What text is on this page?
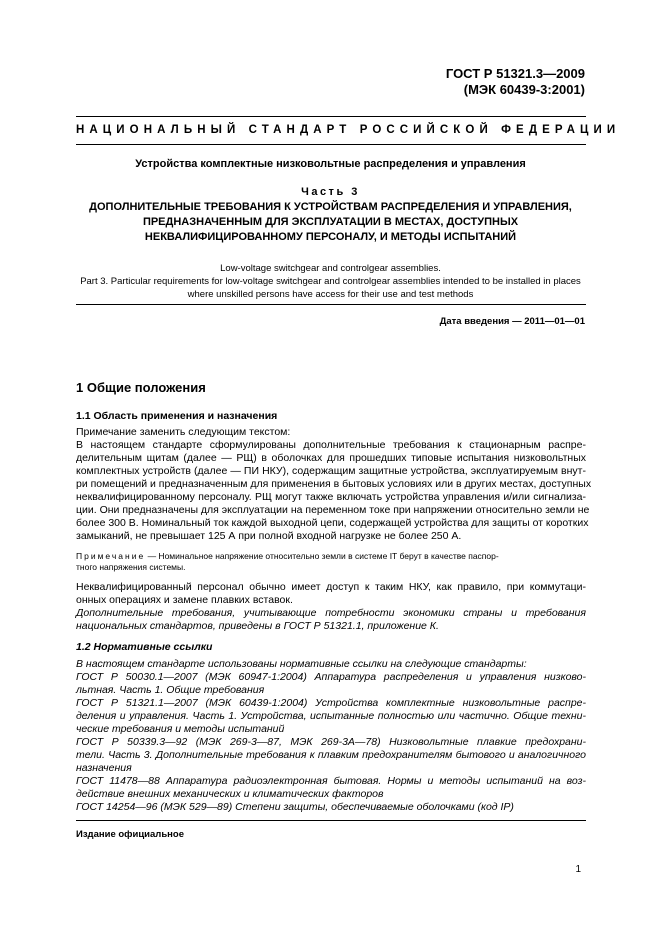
ГОСТ Р 51321.3—2009
(МЭК 60439-3:2001)
НАЦИОНАЛЬНЫЙ СТАНДАРТ РОССИЙСКОЙ ФЕДЕРАЦИИ
Устройства комплектные низковольтные распределения и управления
Часть 3
ДОПОЛНИТЕЛЬНЫЕ ТРЕБОВАНИЯ К УСТРОЙСТВАМ РАСПРЕДЕЛЕНИЯ И УПРАВЛЕНИЯ,
ПРЕДНАЗНАЧЕННЫМ ДЛЯ ЭКСПЛУАТАЦИИ В МЕСТАХ, ДОСТУПНЫХ
НЕКВАЛИФИЦИРОВАННОМУ ПЕРСОНАЛУ, И МЕТОДЫ ИСПЫТАНИЙ
Low-voltage switchgear and controlgear assemblies.
Part 3. Particular requirements for low-voltage switchgear and controlgear assemblies intended to be installed in places
where unskilled persons have access for their use and test methods
Дата введения — 2011—01—01
1 Общие положения
1.1 Область применения и назначения
Примечание заменить следующим текстом:
В настоящем стандарте сформулированы дополнительные требования к стационарным распре-
делительным щитам (далее — РЩ) в оболочках для прошедших типовые испытания низковольтных
комплектных устройств (далее — ПИ НКУ), содержащим защитные устройства, эксплуатируемым внут-
ри помещений и предназначенным для применения в бытовых условиях или в других местах, доступных
неквалифицированному персоналу. РЩ могут также включать устройства управления и/или сигнализа-
ции. Они предназначены для эксплуатации на переменном токе при напряжении относительно земли не
более 300 В. Номинальный ток каждой выходной цепи, содержащей устройства для защиты от коротких
замыканий, не превышает 125 А при полной входной нагрузке не более 250 А.
Примечание — Номинальное напряжение относительно земли в системе IT берут в качестве паспор-
тного напряжения системы.
Неквалифицированный персонал обычно имеет доступ к таким НКУ, как правило, при коммутаци-
онных операциях и замене плавких вставок.
Дополнительные требования, учитывающие потребности экономики страны и требования
национальных стандартов, приведены в ГОСТ Р 51321.1, приложение К.
1.2 Нормативные ссылки
В настоящем стандарте использованы нормативные ссылки на следующие стандарты:
ГОСТ Р 50030.1—2007 (МЭК 60947-1:2004) Аппаратура распределения и управления низково-
льтная. Часть 1. Общие требования
ГОСТ Р 51321.1—2007 (МЭК 60439-1:2004) Устройства комплектные низковольтные распре-
деления и управления. Часть 1. Устройства, испытанные полностью или частично. Общие техни-
ческие требования и методы испытаний
ГОСТ Р 50339.3—92 (МЭК 269-3—87, МЭК 269-3А—78) Низковольтные плавкие предохрани-
тели. Часть 3. Дополнительные требования к плавким предохранителям бытового и аналогичного
назначения
ГОСТ 11478—88 Аппаратура радиоэлектронная бытовая. Нормы и методы испытаний на воз-
действие внешних механических и климатических факторов
ГОСТ 14254—96 (МЭК 529—89) Степени защиты, обеспечиваемые оболочками (код IP)
Издание официальное
1
